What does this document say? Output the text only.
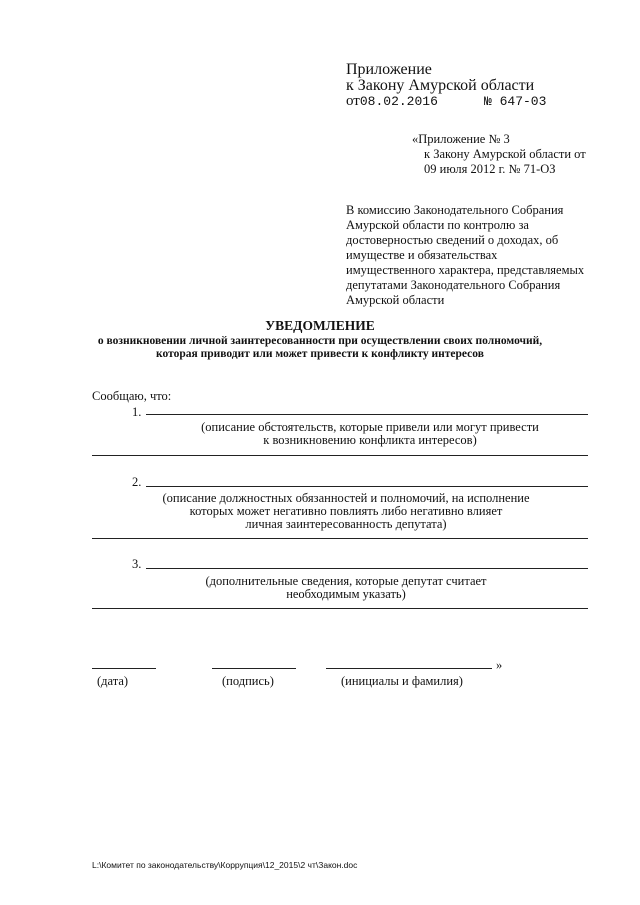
Приложение
к Закону Амурской области
от08.02.2016	№ 647-03
«Приложение № 3
к Закону Амурской области от
09 июля 2012 г. № 71-ОЗ
В комиссию Законодательного Собрания
Амурской области по контролю за
достоверностью сведений о доходах, об
имуществе и обязательствах
имущественного характера, представляемых
депутатами Законодательного Собрания
Амурской области
УВЕДОМЛЕНИЕ
о возникновении личной заинтересованности при осуществлении своих полномочий,
которая приводит или может привести к конфликту интересов
Сообщаю, что:
1.
(описание обстоятельств, которые привели или могут привести
к возникновению конфликта интересов)
2.
(описание должностных обязанностей и полномочий, на исполнение
которых может негативно повлиять либо негативно влияет
личная заинтересованность депутата)
3.
(дополнительные сведения, которые депутат считает
необходимым указать)
»
(дата)	(подпись)	(инициалы и фамилия)
L:\Комитет по законодательству\Коррупция\12_2015\2 чт\Закон.doc
